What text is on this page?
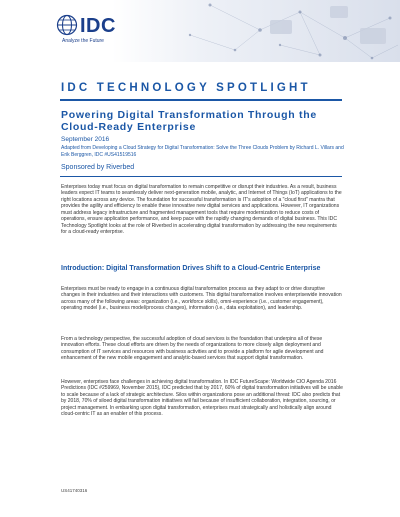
IDC
Analyze the Future
IDC TECHNOLOGY SPOTLIGHT
Powering Digital Transformation Through the Cloud-Ready Enterprise
September 2016
Adapted from Developing a Cloud Strategy for Digital Transformation: Solve the Three Clouds Problem by Richard L. Villars and Erik Berggren, IDC #US41519516
Sponsored by Riverbed
Enterprises today must focus on digital transformation to remain competitive or disrupt their industries. As a result, business leaders expect IT teams to seamlessly deliver next-generation mobile, analytic, and Internet of Things (IoT) applications to the right locations across any device. The foundation for successful transformation is IT's adoption of a "cloud first" mantra that provides the agility and efficiency to enable these innovative new digital services and applications. However, IT organizations must address legacy infrastructure and fragmented management tools that require modernization to reduce costs of operations, ensure application performance, and keep pace with the rapidly changing demands of digital business. This IDC Technology Spotlight looks at the role of Riverbed in accelerating digital transformation by addressing the new requirements for a cloud-ready enterprise.
Introduction: Digital Transformation Drives Shift to a Cloud-Centric Enterprise
Enterprises must be ready to engage in a continuous digital transformation process as they adapt to or drive disruptive changes in their industries and their interactions with customers. This digital transformation involves enterprisewide innovation across many of the following areas: organization (i.e., workforce skills), omni-experience (i.e., customer engagement), operating model (i.e., business model/process changes), information (i.e., data exploitation), and leadership.
From a technology perspective, the successful adoption of cloud services is the foundation that underpins all of these innovation efforts. These cloud efforts are driven by the needs of organizations to more closely align deployment and consumption of IT services and resources with business activities and to provide a platform for agile development and enhancement of the new mobile engagement and analytic-based services that support digital transformation.
However, enterprises face challenges in achieving digital transformation. In IDC FutureScape: Worldwide CIO Agenda 2016 Predictions (IDC #259969, November 2015), IDC predicted that by 2017, 60% of digital transformation initiatives will be unable to scale because of a lack of strategic architecture. Silos within organizations pose an additional threat: IDC also predicts that by 2018, 70% of siloed digital transformation initiatives will fail because of insufficient collaboration, integration, sourcing, or project management. In embarking upon digital transformation, enterprises must strategically and holistically align around cloud-centric IT as an enabler of this process.
US41740316
